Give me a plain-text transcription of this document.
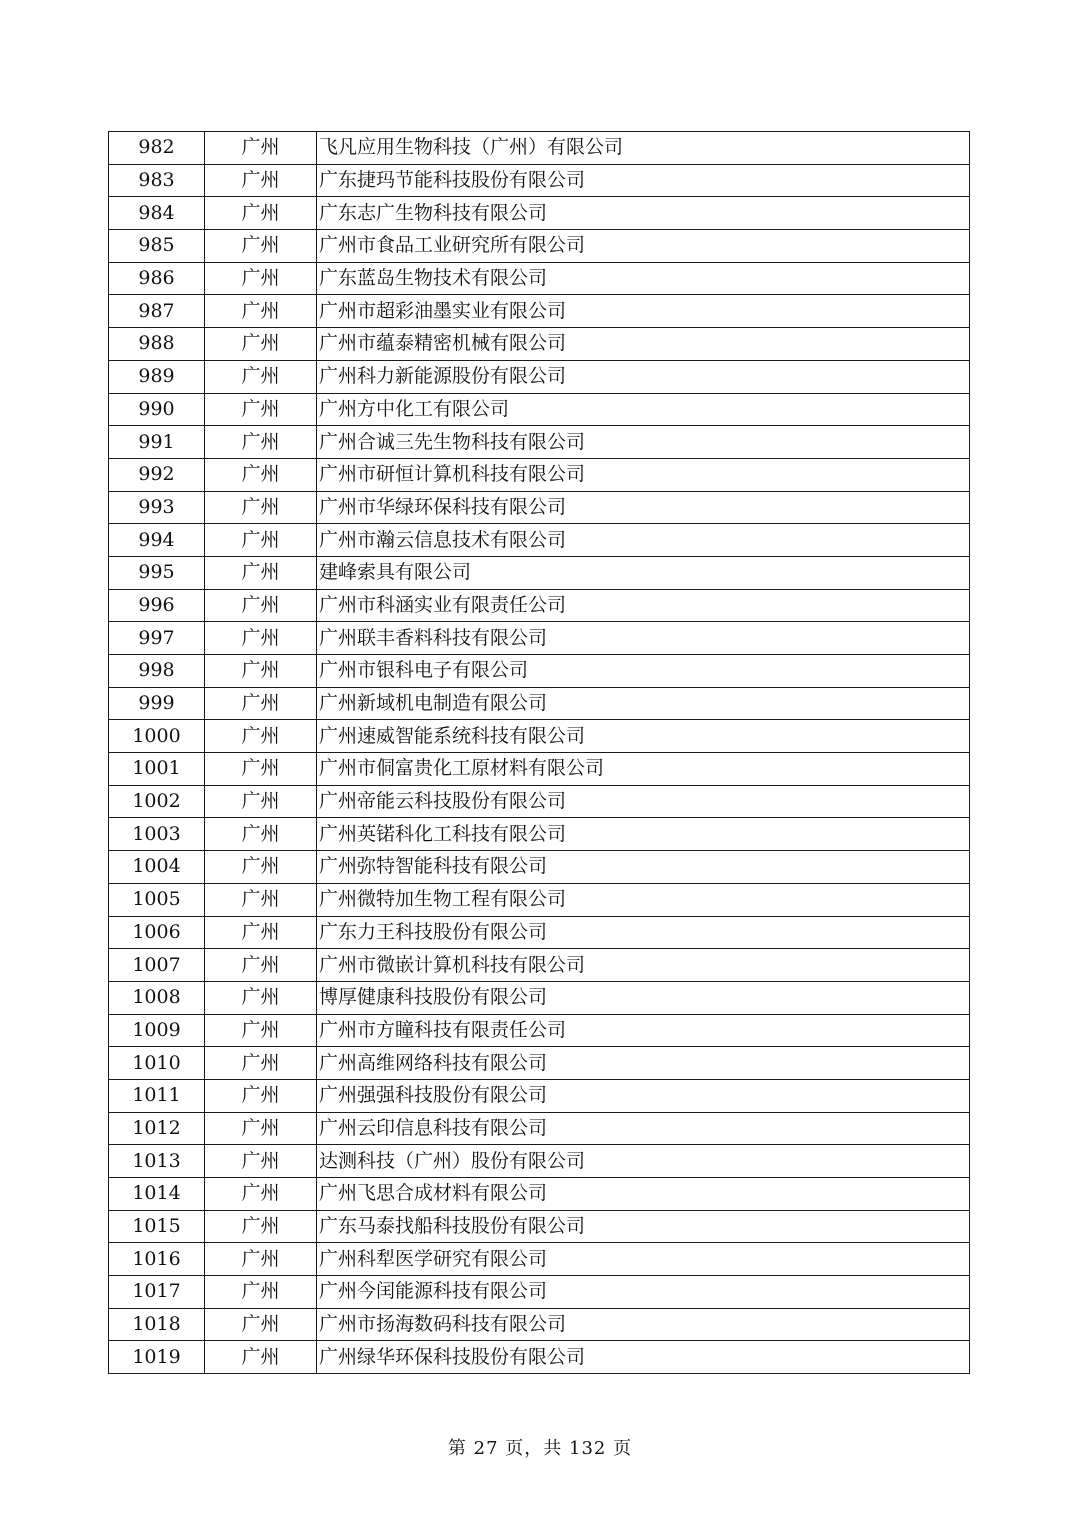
982	广州	飞凡应用生物科技（广州）有限公司
983	广州	广东捷玛节能科技股份有限公司
984	广州	广东志广生物科技有限公司
985	广州	广州市食品工业研究所有限公司
986	广州	广东蓝岛生物技术有限公司
987	广州	广州市超彩油墨实业有限公司
988	广州	广州市蕴泰精密机械有限公司
989	广州	广州科力新能源股份有限公司
990	广州	广州方中化工有限公司
991	广州	广州合诚三先生物科技有限公司
992	广州	广州市研恒计算机科技有限公司
993	广州	广州市华绿环保科技有限公司
994	广州	广州市瀚云信息技术有限公司
995	广州	建峰索具有限公司
996	广州	广州市科涵实业有限责任公司
997	广州	广州联丰香料科技有限公司
998	广州	广州市银科电子有限公司
999	广州	广州新域机电制造有限公司
1000	广州	广州速威智能系统科技有限公司
1001	广州	广州市侗富贵化工原材料有限公司
1002	广州	广州帝能云科技股份有限公司
1003	广州	广州英锘科化工科技有限公司
1004	广州	广州弥特智能科技有限公司
1005	广州	广州微特加生物工程有限公司
1006	广州	广东力王科技股份有限公司
1007	广州	广州市微嵌计算机科技有限公司
1008	广州	博厚健康科技股份有限公司
1009	广州	广州市方瞳科技有限责任公司
1010	广州	广州高维网络科技有限公司
1011	广州	广州强强科技股份有限公司
1012	广州	广州云印信息科技有限公司
1013	广州	达测科技（广州）股份有限公司
1014	广州	广州飞思合成材料有限公司
1015	广州	广东马泰找船科技股份有限公司
1016	广州	广州科犁医学研究有限公司
1017	广州	广州今闰能源科技有限公司
1018	广州	广州市扬海数码科技有限公司
1019	广州	广州绿华环保科技股份有限公司
第 27 页，共 132 页
